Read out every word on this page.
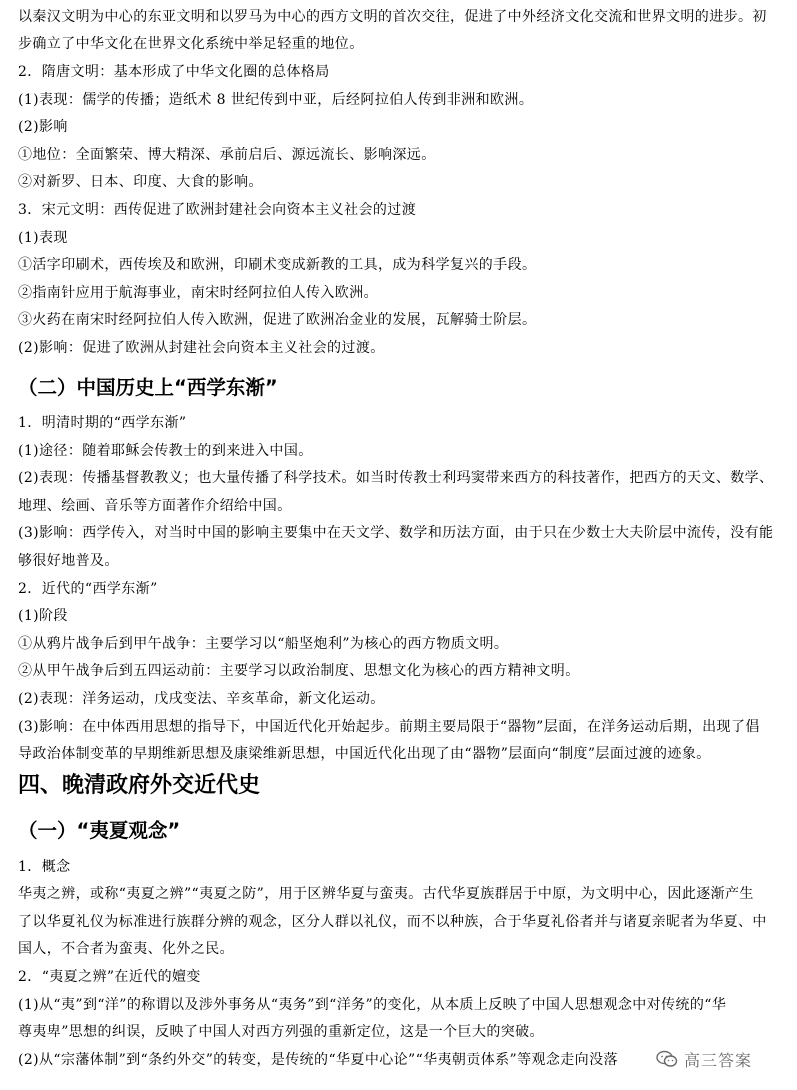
以秦汉文明为中心的东亚文明和以罗马为中心的西方文明的首次交往，促进了中外经济文化交流和世界文明的进步。初
步确立了中华文化在世界文化系统中举足轻重的地位。
2．隋唐文明：基本形成了中华文化圈的总体格局
(1)表现：儒学的传播；造纸术 8 世纪传到中亚，后经阿拉伯人传到非洲和欧洲。
(2)影响
①地位：全面繁荣、博大精深、承前启后、源远流长、影响深远。
②对新罗、日本、印度、大食的影响。
3．宋元文明：西传促进了欧洲封建社会向资本主义社会的过渡
(1)表现
①活字印刷术，西传埃及和欧洲，印刷术变成新教的工具，成为科学复兴的手段。
②指南针应用于航海事业，南宋时经阿拉伯人传入欧洲。
③火药在南宋时经阿拉伯人传入欧洲，促进了欧洲冶金业的发展，瓦解骑士阶层。
(2)影响：促进了欧洲从封建社会向资本主义社会的过渡。
（二）中国历史上“西学东渐”
1．明清时期的“西学东渐”
(1)途径：随着耶稣会传教士的到来进入中国。
(2)表现：传播基督教教义；也大量传播了科学技术。如当时传教士利玛窦带来西方的科技著作，把西方的天文、数学、
地理、绘画、音乐等方面著作介绍给中国。
(3)影响：西学传入，对当时中国的影响主要集中在天文学、数学和历法方面，由于只在少数士大夫阶层中流传，没有能
够很好地普及。
2．近代的“西学东渐”
(1)阶段
①从鸦片战争后到甲午战争：主要学习以“船坚炮利”为核心的西方物质文明。
②从甲午战争后到五四运动前：主要学习以政治制度、思想文化为核心的西方精神文明。
(2)表现：洋务运动，戊戌变法、辛亥革命，新文化运动。
(3)影响：在中体西用思想的指导下，中国近代化开始起步。前期主要局限于“器物”层面，在洋务运动后期，出现了倡
导政治体制变革的早期维新思想及康梁维新思想，中国近代化出现了由“器物”层面向“制度”层面过渡的迹象。
四、晚清政府外交近代史
（一）“夷夏观念”
1．概念
华夷之辨，或称“夷夏之辨”“夷夏之防”，用于区辨华夏与蛮夷。古代华夏族群居于中原，为文明中心，因此逐渐产生
了以华夏礼仪为标准进行族群分辨的观念，区分人群以礼仪，而不以种族，合于华夏礼俗者并与诸夏亲昵者为华夏、中
国人，不合者为蛮夷、化外之民。
2．“夷夏之辨”在近代的嬗变
(1)从“夷”到“洋”的称谓以及涉外事务从“夷务”到“洋务”的变化，从本质上反映了中国人思想观念中对传统的“华
尊夷卑”思想的纠误，反映了中国人对西方列强的重新定位，这是一个巨大的突破。
(2)从“宗藩体制”到“条约外交”的转变，是传统的“华夏中心论”“华夷朝贡体系”等观念走向没落	高三答案
